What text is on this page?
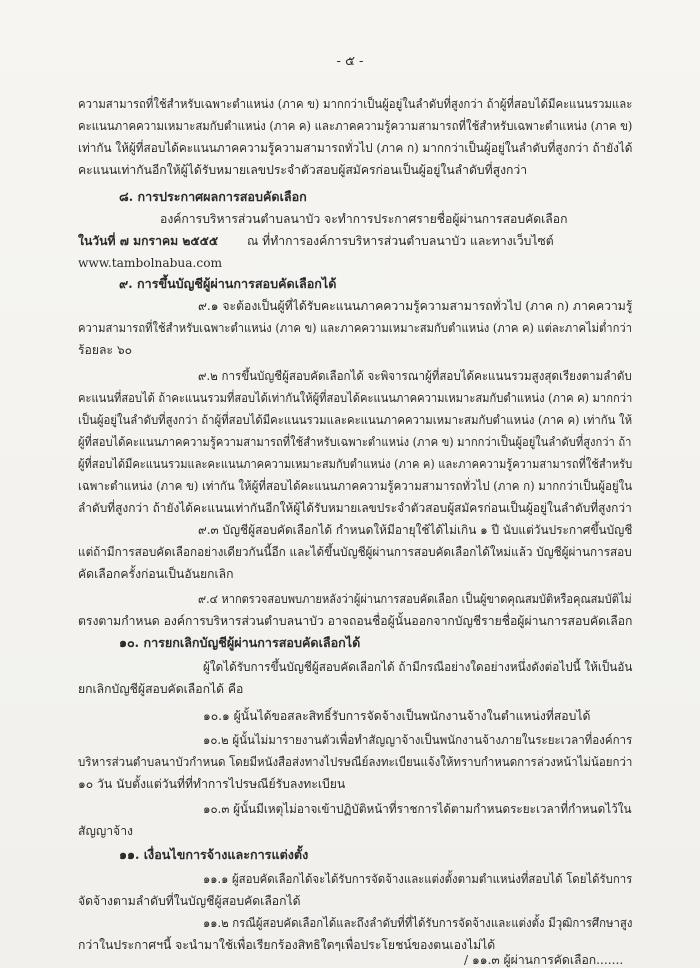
- ๕ -
ความสามารถที่ใช้สำหรับเฉพาะตำแหน่ง (ภาค ข) มากกว่าเป็นผู้อยู่ในลำดับที่สูงกว่า ถ้าผู้ที่สอบได้มีคะแนนรวมและ
คะแนนภาคความเหมาะสมกับตำแหน่ง (ภาค ค) และภาคความรู้ความสามารถที่ใช้สำหรับเฉพาะตำแหน่ง (ภาค ข)
เท่ากัน ให้ผู้ที่สอบได้คะแนนภาคความรู้ความสามารถทั่วไป (ภาค ก) มากกว่าเป็นผู้อยู่ในลำดับที่สูงกว่า ถ้ายังได้
คะแนนเท่ากันอีกให้ผู้ได้รับหมายเลขประจำตัวสอบผู้สมัครก่อนเป็นผู้อยู่ในลำดับที่สูงกว่า
๘. การประกาศผลการสอบคัดเลือก
องค์การบริหารส่วนตำบลนาบัว จะทำการประกาศรายชื่อผู้ผ่านการสอบคัดเลือก
ในวันที่ ๗ มกราคม ๒๕๕๕ ณ ที่ทำการองค์การบริหารส่วนตำบลนาบัว และทางเว็บไซต์
www.tambolnabua.com
๙. การขึ้นบัญชีผู้ผ่านการสอบคัดเลือกได้
๙.๑ จะต้องเป็นผู้ที่ได้รับคะแนนภาคความรู้ความสามารถทั่วไป (ภาค ก) ภาคความรู้
ความสามารถที่ใช้สำหรับเฉพาะตำแหน่ง (ภาค ข) และภาคความเหมาะสมกับตำแหน่ง (ภาค ค) แต่ละภาคไม่ต่ำกว่า
ร้อยละ ๖๐
๙.๒ การขึ้นบัญชีผู้สอบคัดเลือกได้ จะพิจารณาผู้ที่สอบได้คะแนนรวมสูงสุดเรียงตามลำดับ
คะแนนที่สอบได้ ถ้าคะแนนรวมที่สอบได้เท่ากันให้ผู้ที่สอบได้คะแนนภาคความเหมาะสมกับตำแหน่ง (ภาค ค) มากกว่า
เป็นผู้อยู่ในลำดับที่สูงกว่า ถ้าผู้ที่สอบได้มีคะแนนรวมและคะแนนภาคความเหมาะสมกับตำแหน่ง (ภาค ค) เท่ากัน ให้
ผู้ที่สอบได้คะแนนภาคความรู้ความสามารถที่ใช้สำหรับเฉพาะตำแหน่ง (ภาค ข) มากกว่าเป็นผู้อยู่ในลำดับที่สูงกว่า ถ้า
ผู้ที่สอบได้มีคะแนนรวมและคะแนนภาคความเหมาะสมกับตำแหน่ง (ภาค ค) และภาคความรู้ความสามารถที่ใช้สำหรับ
เฉพาะตำแหน่ง (ภาค ข) เท่ากัน ให้ผู้ที่สอบได้คะแนนภาคความรู้ความสามารถทั่วไป (ภาค ก) มากกว่าเป็นผู้อยู่ใน
ลำดับที่สูงกว่า ถ้ายังได้คะแนนเท่ากันอีกให้ผู้ได้รับหมายเลขประจำตัวสอบผู้สมัครก่อนเป็นผู้อยู่ในลำดับที่สูงกว่า
๙.๓ บัญชีผู้สอบคัดเลือกได้ กำหนดให้มีอายุใช้ได้ไม่เกิน ๑ ปี นับแต่วันประกาศขึ้นบัญชี
แต่ถ้ามีการสอบคัดเลือกอย่างเดียวกันนี้อีก และได้ขึ้นบัญชีผู้ผ่านการสอบคัดเลือกได้ใหม่แล้ว บัญชีผู้ผ่านการสอบ
คัดเลือกครั้งก่อนเป็นอันยกเลิก
๙.๔ หากตรวจสอบพบภายหลังว่าผู้ผ่านการสอบคัดเลือก เป็นผู้ขาดคุณสมบัติหรือคุณสมบัติไม่
ตรงตามกำหนด องค์การบริหารส่วนตำบลนาบัว อาจถอนชื่อผู้นั้นออกจากบัญชีรายชื่อผู้ผ่านการสอบคัดเลือก
๑๐. การยกเลิกบัญชีผู้ผ่านการสอบคัดเลือกได้
ผู้ใดได้รับการขึ้นบัญชีผู้สอบคัดเลือกได้ ถ้ามีกรณีอย่างใดอย่างหนึ่งดังต่อไปนี้ ให้เป็นอัน
ยกเลิกบัญชีผู้สอบคัดเลือกได้ คือ
๑๐.๑ ผู้นั้นได้ขอสละสิทธิ์รับการจัดจ้างเป็นพนักงานจ้างในตำแหน่งที่สอบได้
๑๐.๒ ผู้นั้นไม่มารายงานตัวเพื่อทำสัญญาจ้างเป็นพนักงานจ้างภายในระยะเวลาที่องค์การ
บริหารส่วนตำบลนาบัวกำหนด โดยมีหนังสือส่งทางไปรษณีย์ลงทะเบียนแจ้งให้ทราบกำหนดการล่วงหน้าไม่น้อยกว่า
๑๐ วัน นับตั้งแต่วันที่ที่ทำการไปรษณีย์รับลงทะเบียน
๑๐.๓ ผู้นั้นมีเหตุไม่อาจเข้าปฏิบัติหน้าที่ราชการได้ตามกำหนดระยะเวลาที่กำหนดไว้ใน
สัญญาจ้าง
๑๑. เงื่อนไขการจ้างและการแต่งตั้ง
๑๑.๑ ผู้สอบคัดเลือกได้จะได้รับการจัดจ้างและแต่งตั้งตามตำแหน่งที่สอบได้ โดยได้รับการ
จัดจ้างตามลำดับที่ในบัญชีผู้สอบคัดเลือกได้
๑๑.๒ กรณีผู้สอบคัดเลือกได้และถึงลำดับที่ที่ได้รับการจัดจ้างและแต่งตั้ง มีวุฒิการศึกษาสูง
กว่าในประกาศฯนี้ จะนำมาใช้เพื่อเรียกร้องสิทธิใดๆเพื่อประโยชน์ของตนเองไม่ได้
/ ๑๑.๓ ผู้ผ่านการคัดเลือก.......
